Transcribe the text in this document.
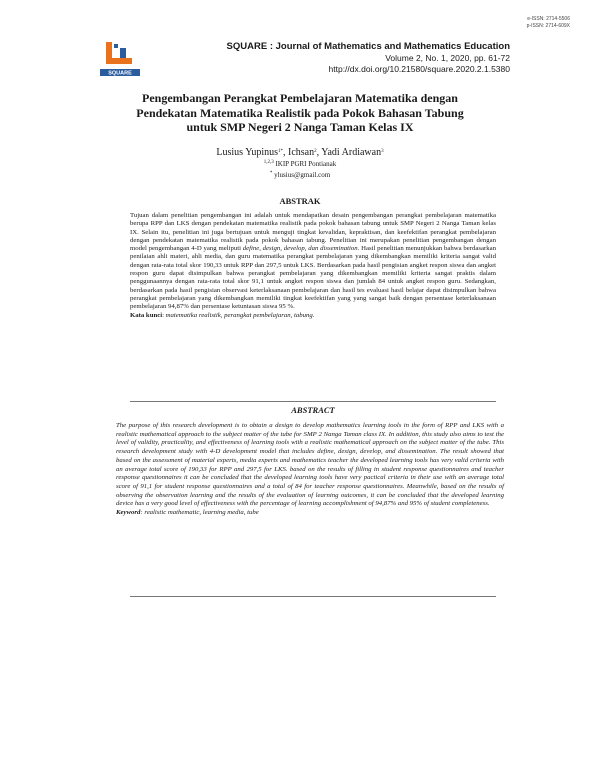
e-ISSN: 2714-5506
p-ISSN: 2714-609X
SQUARE
SQUARE : Journal of Mathematics and Mathematics Education
Volume 2, No. 1, 2020, pp. 61-72
http://dx.doi.org/10.21580/square.2020.2.1.5380
Pengembangan Perangkat Pembelajaran Matematika dengan
Pendekatan Matematika Realistik pada Pokok Bahasan Tabung
untuk SMP Negeri 2 Nanga Taman Kelas IX
Lusius Yupinus$^{1*}$, Ichsan$^2$, Yadi Ardiawan$^3$
$^{1,2,3}$ IKIP PGRI Pontianak
* ylusius@gmail.com
ABSTRAK

Tujuan dalam penelitian pengembangan ini adalah untuk mendapatkan desain pengembangan perangkat pembelajaran matematika berupa RPP dan LKS dengan pendekatan matematika realistik pada pokok bahasan tabung untuk SMP Negeri 2 Nanga Taman kelas IX. Selain itu, penelitian ini juga bertujuan untuk menguji tingkat kevalidan, kepraktisan, dan keefektifan perangkat pembelajaran dengan pendekatan matematika realistik pada pokok bahasan tabung. Penelitian ini merupakan penelitian pengembangan dengan model pengembangan 4-D yang meliputi define, design, develop, dan dissemination. Hasil penelitian menunjukkan bahwa berdasarkan penilaian ahli materi, ahli media, dan guru matematika perangkat pembelajaran yang dikembangkan memiliki kriteria sangat valid dengan rata-rata total skor 190,33 untuk RPP dan 297,5 untuk LKS. Berdasarkan pada hasil pengisian angket respon siswa dan angket respon guru dapat disimpulkan bahwa perangkat pembelajaran yang dikembangkan memiliki kriteria sangat praktis dalam penggunaannya dengan rata-rata total skor 91,1 untuk angket respon siswa dan jumlah 84 untuk angket respon guru. Sedangkan, berdasarkan pada hasil pengisian observasi keterlaksanaan pembelajaran dan hasil tes evaluasi hasil belajar dapat disimpulkan bahwa perangkat pembelajaran yang dikembangkan memiliki tingkat keefektifan yang yang sangat baik dengan persentase keterlaksanaan pembelajaran 94,87% dan persentase ketuntasan siswa 95 %.

Kata kunci: matematika realistik, perangkat pembelajaran, tabung.

ABSTRACT

The purpose of this research development is to obtain a design to develop mathematics learning tools in the form of RPP and LKS with a realistic mathematical approach to the subject matter of the tube for SMP 2 Nanga Taman class IX. In addition, this study also aims to test the level of validity, practicality, and effectiveness of learning tools with a realistic mathematical approach on the subject matter of the tube. This research development study with 4-D development model that includes define, design, develop, and dissemination. The result showed that based on the assessment of material experts, media experts and mathematics teacher the developed learning tools has very valid criteria with an average total score of 190,33 for RPP and 297,5 for LKS. based on the results of filling in student response questionnaires and teacher response questionnaires it can be concluded that the developed learning tools have very pactical criteria in their use with an average total score of 91,1 for student response questionnaires and a total of 84 for teacher response questionnaires. Meanwhile, based on the results of observing the observation learning and the results of the evaluation of learning outcomes, it can be concluded that the developed learning device has a very good level of effectiveness with the percentage of learning accomplishment of 94,87% and 95% of student completeness.

Keyword: realistic mathematic, learning media, tube
